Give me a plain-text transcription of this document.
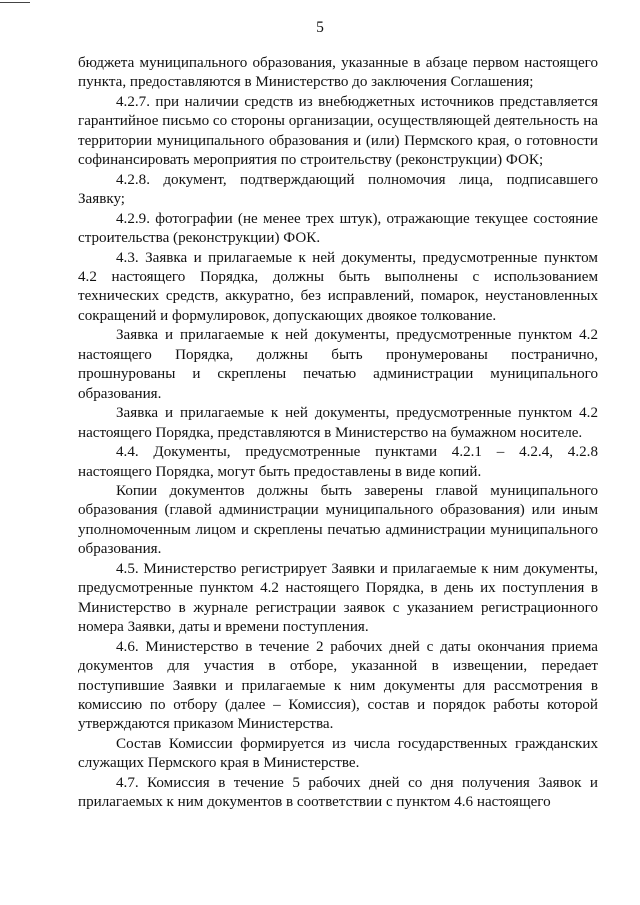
5

бюджета муниципального образования, указанные в абзаце первом настоящего пункта, предоставляются в Министерство до заключения Соглашения;

4.2.7. при наличии средств из внебюджетных источников представляется гарантийное письмо со стороны организации, осуществляющей деятельность на территории муниципального образования и (или) Пермского края, о готовности софинансировать мероприятия по строительству (реконструкции) ФОК;

4.2.8. документ, подтверждающий полномочия лица, подписавшего Заявку;

4.2.9. фотографии (не менее трех штук), отражающие текущее состояние строительства (реконструкции) ФОК.

4.3. Заявка и прилагаемые к ней документы, предусмотренные пунктом 4.2 настоящего Порядка, должны быть выполнены с использованием технических средств, аккуратно, без исправлений, помарок, неустановленных сокращений и формулировок, допускающих двоякое толкование.

Заявка и прилагаемые к ней документы, предусмотренные пунктом 4.2 настоящего Порядка, должны быть пронумерованы постранично, прошнурованы и скреплены печатью администрации муниципального образования.

Заявка и прилагаемые к ней документы, предусмотренные пунктом 4.2 настоящего Порядка, представляются в Министерство на бумажном носителе.

4.4. Документы, предусмотренные пунктами 4.2.1 – 4.2.4, 4.2.8 настоящего Порядка, могут быть предоставлены в виде копий.

Копии документов должны быть заверены главой муниципального образования (главой администрации муниципального образования) или иным уполномоченным лицом и скреплены печатью администрации муниципального образования.

4.5. Министерство регистрирует Заявки и прилагаемые к ним документы, предусмотренные пунктом 4.2 настоящего Порядка, в день их поступления в Министерство в журнале регистрации заявок с указанием регистрационного номера Заявки, даты и времени поступления.

4.6. Министерство в течение 2 рабочих дней с даты окончания приема документов для участия в отборе, указанной в извещении, передает поступившие Заявки и прилагаемые к ним документы для рассмотрения в комиссию по отбору (далее – Комиссия), состав и порядок работы которой утверждаются приказом Министерства.

Состав Комиссии формируется из числа государственных гражданских служащих Пермского края в Министерстве.

4.7. Комиссия в течение 5 рабочих дней со дня получения Заявок и прилагаемых к ним документов в соответствии с пунктом 4.6 настоящего
